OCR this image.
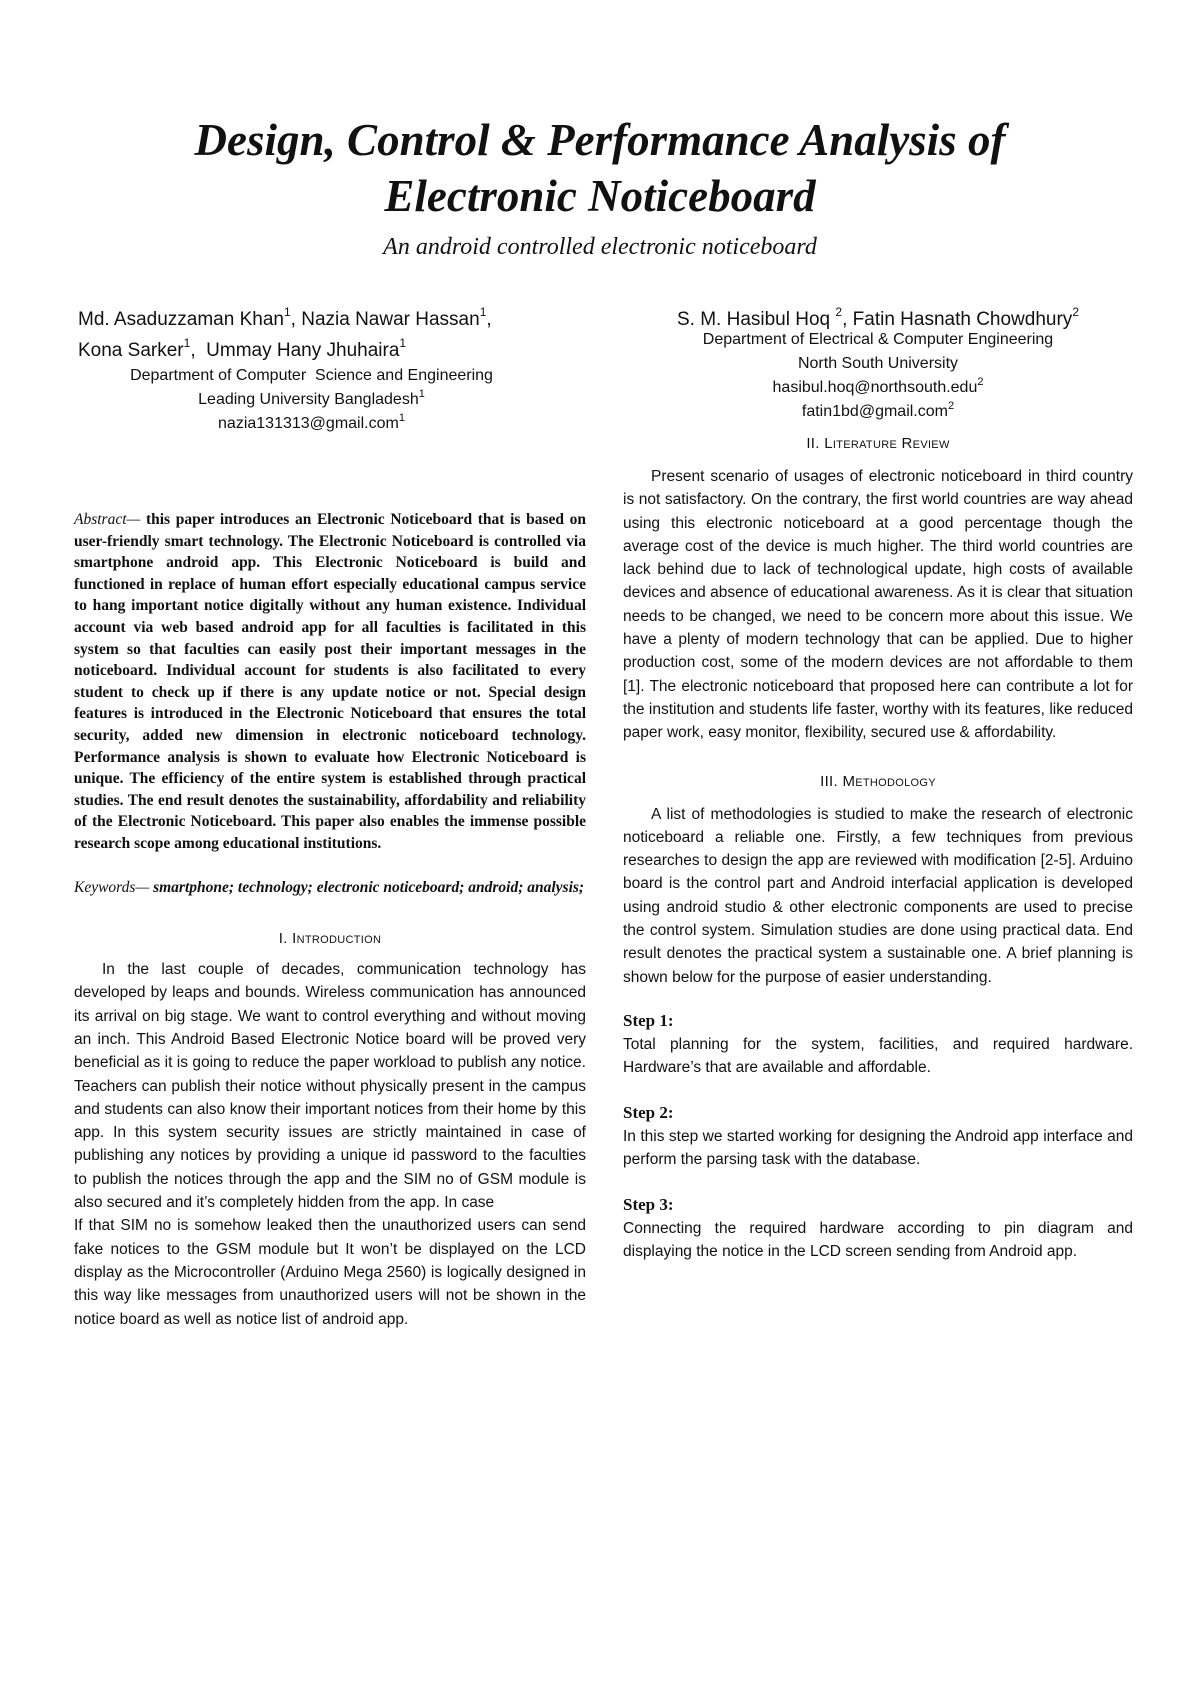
Design, Control & Performance Analysis of
Electronic Noticeboard
An android controlled electronic noticeboard
Md. Asaduzzaman Khan$^1$, Nazia Nawar Hassan$^1$,
Kona Sarker$^1$,  Ummay Hany Jhuhaira$^1$
Department of Computer  Science and Engineering
Leading University Bangladesh$^1$
nazia131313@gmail.com$^1$
S. M. Hasibul Hoq $^2$, Fatin Hasnath Chowdhury$^2$
Department of Electrical & Computer Engineering
North South University
hasibul.hoq@northsouth.edu$^2$
fatin1bd@gmail.com$^2$
Abstract— this paper introduces an Electronic Noticeboard that is based on user-friendly smart technology. The Electronic Noticeboard is controlled via smartphone android app. This Electronic Noticeboard is build and functioned in replace of human effort especially educational campus service to hang important notice digitally without any human existence. Individual account via web based android app for all faculties is facilitated in this system so that faculties can easily post their important messages in the noticeboard. Individual account for students is also facilitated to every student to check up if there is any update notice or not. Special design features is introduced in the Electronic Noticeboard that ensures the total security, added new dimension in electronic noticeboard technology. Performance analysis is shown to evaluate how Electronic Noticeboard is unique. The efficiency of the entire system is established through practical studies. The end result denotes the sustainability, affordability and reliability of the Electronic Noticeboard. This paper also enables the immense possible research scope among educational institutions.
Keywords— smartphone; technology; electronic noticeboard; android; analysis;
I. Introduction

In the last couple of decades, communication technology has developed by leaps and bounds. Wireless communication has announced its arrival on big stage. We want to control everything and without moving an inch. This Android Based Electronic Notice board will be proved very beneficial as it is going to reduce the paper workload to publish any notice. Teachers can publish their notice without physically present in the campus and students can also know their important notices from their home by this app. In this system security issues are strictly maintained in case of publishing any notices by providing a unique id password to the faculties to publish the notices through the app and the SIM no of GSM module is also secured and it’s completely hidden from the app. In case

If that SIM no is somehow leaked then the unauthorized users can send fake notices to the GSM module but It won’t be displayed on the LCD display as the Microcontroller (Arduino Mega 2560) is logically designed in this way like messages from unauthorized users will not be shown in the notice board as well as notice list of android app.

II. Literature Review

Present scenario of usages of electronic noticeboard in third country is not satisfactory. On the contrary, the first world countries are way ahead using this electronic noticeboard at a good percentage though the average cost of the device is much higher. The third world countries are lack behind due to lack of technological update, high costs of available devices and absence of educational awareness. As it is clear that situation needs to be changed, we need to be concern more about this issue. We have a plenty of modern technology that can be applied. Due to higher production cost, some of the modern devices are not affordable to them [1]. The electronic noticeboard that proposed here can contribute a lot for the institution and students life faster, worthy with its features, like reduced paper work, easy monitor, flexibility, secured use & affordability.

III. Methodology

A list of methodologies is studied to make the research of electronic noticeboard a reliable one. Firstly, a few techniques from previous researches to design the app are reviewed with modification [2-5]. Arduino board is the control part and Android interfacial application is developed using android studio & other electronic components are used to precise the control system. Simulation studies are done using practical data. End result denotes the practical system a sustainable one. A brief planning is shown below for the purpose of easier understanding.

Step 1:

Total planning for the system, facilities, and required hardware. Hardware’s that are available and affordable.

Step 2:

In this step we started working for designing the Android app interface and perform the parsing task with the database.

Step 3:

Connecting the required hardware according to pin diagram and displaying the notice in the LCD screen sending from Android app.
